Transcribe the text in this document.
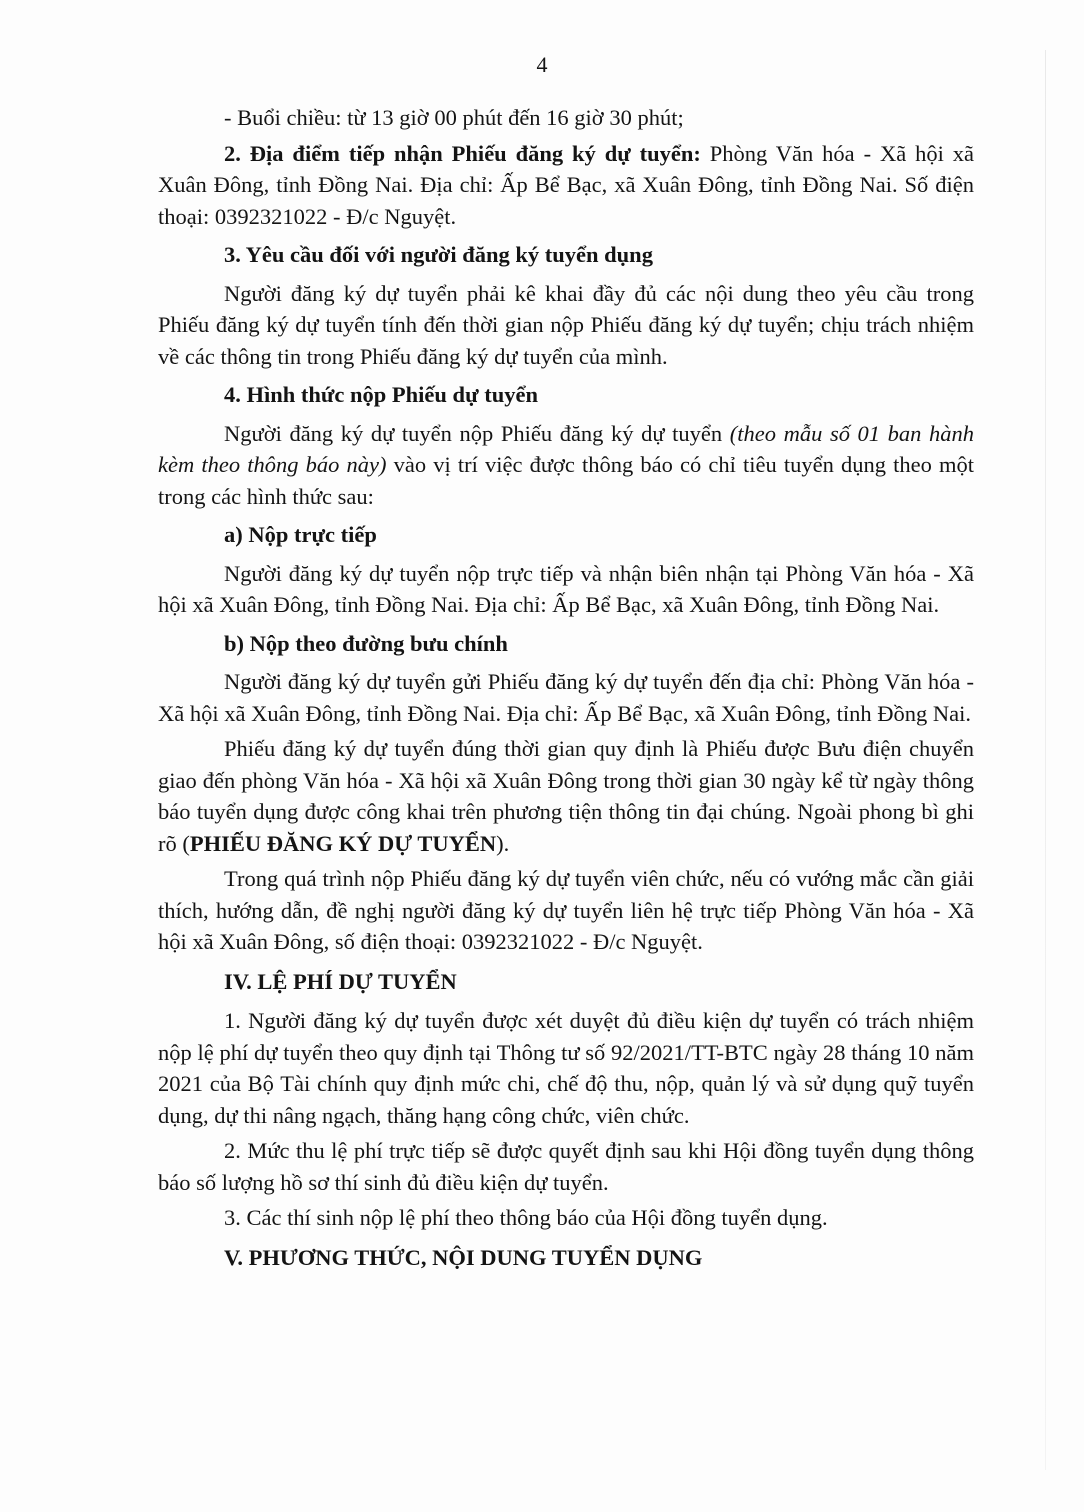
4

- Buổi chiều: từ 13 giờ 00 phút đến 16 giờ 30 phút;

2. Địa điểm tiếp nhận Phiếu đăng ký dự tuyển: Phòng Văn hóa - Xã hội xã Xuân Đông, tỉnh Đồng Nai. Địa chỉ: Ấp Bể Bạc, xã Xuân Đông, tỉnh Đồng Nai. Số điện thoại: 0392321022 - Đ/c Nguyệt.

3. Yêu cầu đối với người đăng ký tuyển dụng

Người đăng ký dự tuyển phải kê khai đầy đủ các nội dung theo yêu cầu trong Phiếu đăng ký dự tuyển tính đến thời gian nộp Phiếu đăng ký dự tuyển; chịu trách nhiệm về các thông tin trong Phiếu đăng ký dự tuyển của mình.

4. Hình thức nộp Phiếu dự tuyển

Người đăng ký dự tuyển nộp Phiếu đăng ký dự tuyển (theo mẫu số 01 ban hành kèm theo thông báo này) vào vị trí việc được thông báo có chỉ tiêu tuyển dụng theo một trong các hình thức sau:

a) Nộp trực tiếp

Người đăng ký dự tuyển nộp trực tiếp và nhận biên nhận tại Phòng Văn hóa - Xã hội xã Xuân Đông, tỉnh Đồng Nai. Địa chỉ: Ấp Bể Bạc, xã Xuân Đông, tỉnh Đồng Nai.

b) Nộp theo đường bưu chính

Người đăng ký dự tuyển gửi Phiếu đăng ký dự tuyển đến địa chỉ: Phòng Văn hóa - Xã hội xã Xuân Đông, tỉnh Đồng Nai. Địa chỉ: Ấp Bể Bạc, xã Xuân Đông, tỉnh Đồng Nai.

Phiếu đăng ký dự tuyển đúng thời gian quy định là Phiếu được Bưu điện chuyển giao đến phòng Văn hóa - Xã hội xã Xuân Đông trong thời gian 30 ngày kể từ ngày thông báo tuyển dụng được công khai trên phương tiện thông tin đại chúng. Ngoài phong bì ghi rõ (PHIẾU ĐĂNG KÝ DỰ TUYỂN).

Trong quá trình nộp Phiếu đăng ký dự tuyển viên chức, nếu có vướng mắc cần giải thích, hướng dẫn, đề nghị người đăng ký dự tuyển liên hệ trực tiếp Phòng Văn hóa - Xã hội xã Xuân Đông, số điện thoại: 0392321022 - Đ/c Nguyệt.

IV. LỆ PHÍ DỰ TUYỂN

1. Người đăng ký dự tuyển được xét duyệt đủ điều kiện dự tuyển có trách nhiệm nộp lệ phí dự tuyển theo quy định tại Thông tư số 92/2021/TT-BTC ngày 28 tháng 10 năm 2021 của Bộ Tài chính quy định mức chi, chế độ thu, nộp, quản lý và sử dụng quỹ tuyển dụng, dự thi nâng ngạch, thăng hạng công chức, viên chức.

2. Mức thu lệ phí trực tiếp sẽ được quyết định sau khi Hội đồng tuyển dụng thông báo số lượng hồ sơ thí sinh đủ điều kiện dự tuyển.

3. Các thí sinh nộp lệ phí theo thông báo của Hội đồng tuyển dụng.

V. PHƯƠNG THỨC, NỘI DUNG TUYỂN DỤNG
